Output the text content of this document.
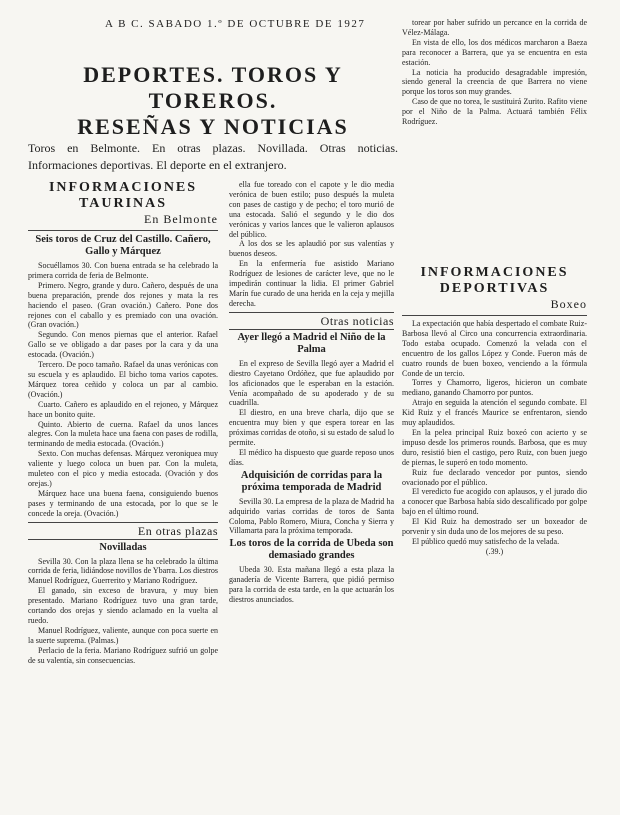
A B C. SABADO 1.º DE OCTUBRE DE 1927
DEPORTES. TOROS Y TOREROS.
RESEÑAS Y NOTICIAS
Toros en Belmonte. En otras plazas. Novillada. Otras noticias. Informaciones deportivas. El deporte en el extranjero.
INFORMACIONES
TAURINAS
En Belmonte
Seis toros de Cruz del Castillo. Cañero, Gallo y Márquez

Socuéllamos 30. Con buena entrada se ha celebrado la primera corrida de feria de Belmonte.

Primero. Negro, grande y duro. Cañero, después de una buena preparación, prende dos rejones y mata la res haciendo el paseo. (Gran ovación.) Cañero. Pone dos rejones con el caballo y es premiado con una ovación. (Gran ovación.)

Segundo. Con menos piernas que el anterior. Rafael Gallo se ve obligado a dar pases por la cara y da una estocada. (Ovación.)

Tercero. De poco tamaño. Rafael da unas verónicas con su escuela y es aplaudido. El bicho toma varios capotes. Márquez torea ceñido y coloca un par al cambio. (Ovación.)

Cuarto. Cañero es aplaudido en el rejoneo, y Márquez hace un bonito quite.

Quinto. Abierto de cuerna. Rafael da unos lances alegres. Con la muleta hace una faena con pases de rodilla, terminando de media estocada. (Ovación.)

Sexto. Con muchas defensas. Márquez veroniquea muy valiente y luego coloca un buen par. Con la muleta, muleteo con el pico y media estocada. (Ovación y dos orejas.)

Márquez hace una buena faena, consiguiendo buenos pases y terminando de una estocada, por lo que se le concede la oreja. (Ovación.)

En otras plazas
Novilladas

Sevilla 30. Con la plaza llena se ha celebrado la última corrida de feria, lidiándose novillos de Ybarra. Los diestros Manuel Rodríguez, Guerrerito y Mariano Rodríguez.

El ganado, sin exceso de bravura, y muy bien presentado. Mariano Rodríguez tuvo una gran tarde, cortando dos orejas y siendo aclamado en la vuelta al ruedo.

Manuel Rodríguez, valiente, aunque con poca suerte en la suerte suprema. (Palmas.)

Perlacio de la feria. Mariano Rodríguez sufrió un golpe de su valentía, sin consecuencias.

ella fue toreado con el capote y le dio media verónica de buen estilo; puso después la muleta con pases de castigo y de pecho; el toro murió de una estocada. Salió el segundo y le dio dos verónicas y varios lances que le valieron aplausos del público.

A los dos se les aplaudió por sus valentías y buenos deseos.

En la enfermería fue asistido Mariano Rodríguez de lesiones de carácter leve, que no le impedirán continuar la lidia. El primer Gabriel Marín fue curado de una herida en la ceja y mejilla derecha.

Otras noticias
Ayer llegó a Madrid el Niño de la Palma

En el expreso de Sevilla llegó ayer a Madrid el diestro Cayetano Ordóñez, que fue aplaudido por los aficionados que le esperaban en la estación. Venía acompañado de su apoderado y de su cuadrilla.

El diestro, en una breve charla, dijo que se encuentra muy bien y que espera torear en las próximas corridas de otoño, si su estado de salud lo permite.

El médico ha dispuesto que guarde reposo unos días.

Adquisición de corridas para la próxima temporada de Madrid

Sevilla 30. La empresa de la plaza de Madrid ha adquirido varias corridas de toros de Santa Coloma, Pablo Romero, Miura, Concha y Sierra y Villamarta para la próxima temporada.

Los toros de la corrida de Ubeda son demasiado grandes

Ubeda 30. Esta mañana llegó a esta plaza la ganadería de Vicente Barrera, que pidió permiso para la corrida de esta tarde, en la que actuarán los diestros anunciados.

torear por haber sufrido un percance en la corrida de Vélez-Málaga.

En vista de ello, los dos médicos marcharon a Baeza para reconocer a Barrera, que ya se encuentra en esta estación.

La noticia ha producido desagradable impresión, siendo general la creencia de que Barrera no viene porque los toros son muy grandes.

Caso de que no torea, le sustituirá Zurito. Rafito viene por el Niño de la Palma. Actuará también Félix Rodríguez.

INFORMACIONES
DEPORTIVAS
Boxeo

La expectación que había despertado el combate Ruiz-Barbosa llevó al Circo una concurrencia extraordinaria. Todo estaba ocupado. Comenzó la velada con el encuentro de los gallos López y Conde. Fueron más de cuatro rounds de buen boxeo, venciendo a la fórmula Conde de un tercio.

Torres y Chamorro, ligeros, hicieron un combate mediano, ganando Chamorro por puntos.

Atrajo en seguida la atención el segundo combate. El Kid Ruiz y el francés Maurice se enfrentaron, siendo muy aplaudidos.

En la pelea principal Ruiz boxeó con acierto y se impuso desde los primeros rounds. Barbosa, que es muy duro, resistió bien el castigo, pero Ruiz, con buen juego de piernas, le superó en todo momento.

Ruiz fue declarado vencedor por puntos, siendo ovacionado por el público.

El veredicto fue acogido con aplausos, y el jurado dio a conocer que Barbosa había sido descalificado por golpe bajo en el último round.

El Kid Ruiz ha demostrado ser un boxeador de porvenir y sin duda uno de los mejores de su peso.

El público quedó muy satisfecho de la velada.

(.39.)
